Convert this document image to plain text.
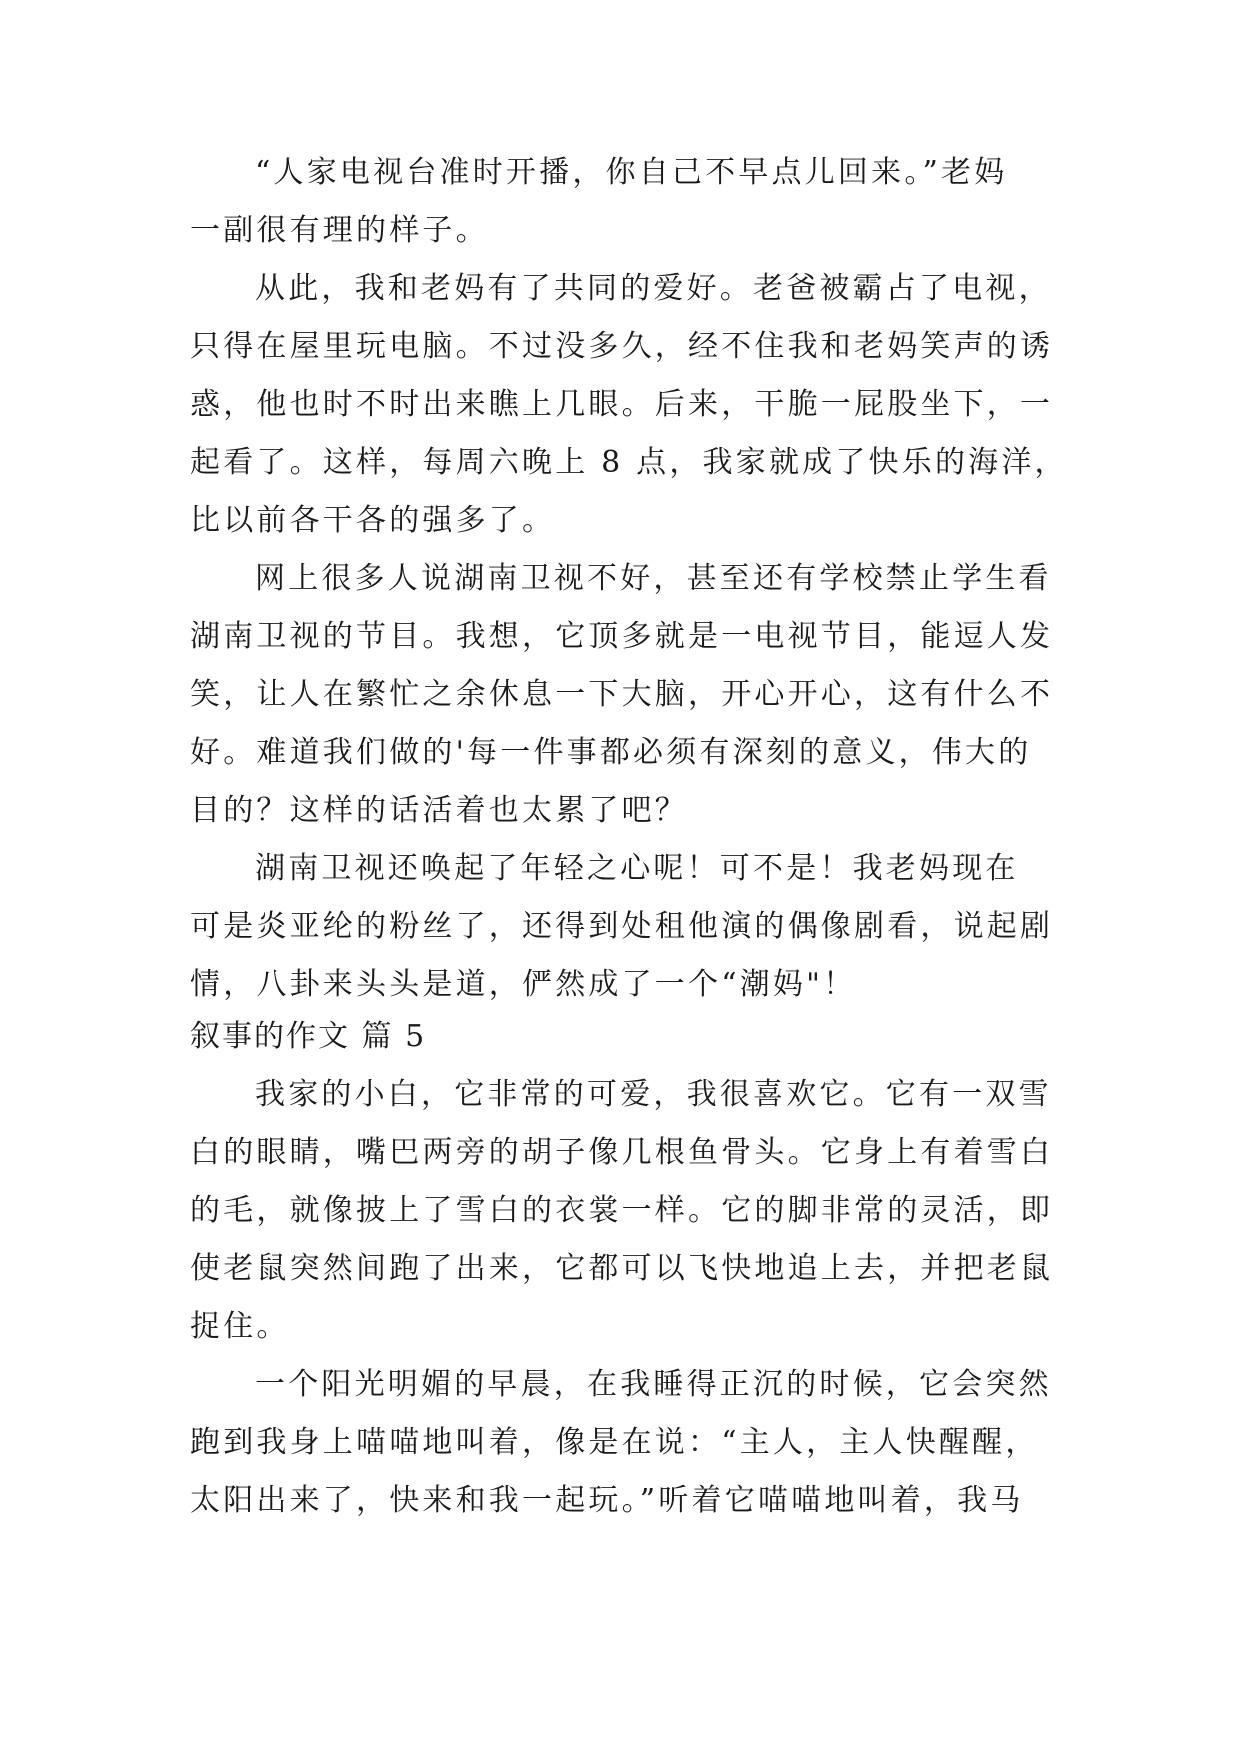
“人家电视台准时开播，你自己不早点儿回来。”老妈
一副很有理的样子。
从此，我和老妈有了共同的爱好。老爸被霸占了电视，
只得在屋里玩电脑。不过没多久，经不住我和老妈笑声的诱
惑，他也时不时出来瞧上几眼。后来，干脆一屁股坐下，一
起看了。这样，每周六晚上 8 点，我家就成了快乐的海洋，
比以前各干各的强多了。
网上很多人说湖南卫视不好，甚至还有学校禁止学生看
湖南卫视的节目。我想，它顶多就是一电视节目，能逗人发
笑，让人在繁忙之余休息一下大脑，开心开心，这有什么不
好。难道我们做的'每一件事都必须有深刻的意义，伟大的
目的？这样的话活着也太累了吧？
湖南卫视还唤起了年轻之心呢！可不是！我老妈现在
可是炎亚纶的粉丝了，还得到处租他演的偶像剧看，说起剧
情，八卦来头头是道，俨然成了一个“潮妈"！
叙事的作文 篇 5
我家的小白，它非常的可爱，我很喜欢它。它有一双雪
白的眼睛，嘴巴两旁的胡子像几根鱼骨头。它身上有着雪白
的毛，就像披上了雪白的衣裳一样。它的脚非常的灵活，即
使老鼠突然间跑了出来，它都可以飞快地追上去，并把老鼠
捉住。
一个阳光明媚的早晨，在我睡得正沉的时候，它会突然
跑到我身上喵喵地叫着，像是在说：“主人，主人快醒醒，
太阳出来了，快来和我一起玩。”听着它喵喵地叫着，我马
